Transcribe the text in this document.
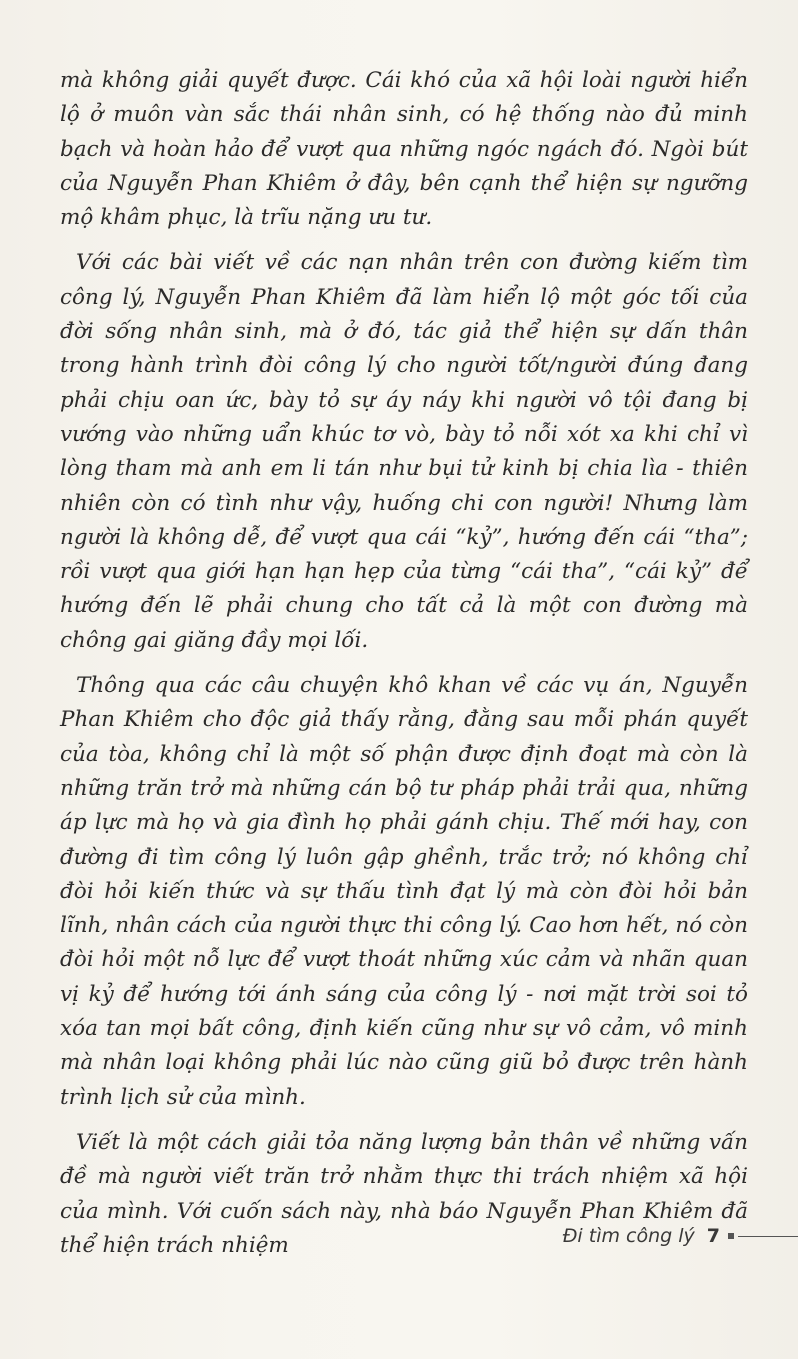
mà không giải quyết được. Cái khó của xã hội loài người hiển lộ ở muôn vàn sắc thái nhân sinh, có hệ thống nào đủ minh bạch và hoàn hảo để vượt qua những ngóc ngách đó. Ngòi bút của Nguyễn Phan Khiêm ở đây, bên cạnh thể hiện sự ngưỡng mộ khâm phục, là trĩu nặng ưu tư.

Với các bài viết về các nạn nhân trên con đường kiếm tìm công lý, Nguyễn Phan Khiêm đã làm hiển lộ một góc tối của đời sống nhân sinh, mà ở đó, tác giả thể hiện sự dấn thân trong hành trình đòi công lý cho người tốt/người đúng đang phải chịu oan ức, bày tỏ sự áy náy khi người vô tội đang bị vướng vào những uẩn khúc tơ vò, bày tỏ nỗi xót xa khi chỉ vì lòng tham mà anh em li tán như bụi tử kinh bị chia lìa - thiên nhiên còn có tình như vậy, huống chi con người! Nhưng làm người là không dễ, để vượt qua cái “kỷ”, hướng đến cái “tha”; rồi vượt qua giới hạn hạn hẹp của từng “cái tha”, “cái kỷ” để hướng đến lẽ phải chung cho tất cả là một con đường mà chông gai giăng đầy mọi lối.

Thông qua các câu chuyện khô khan về các vụ án, Nguyễn Phan Khiêm cho độc giả thấy rằng, đằng sau mỗi phán quyết của tòa, không chỉ là một số phận được định đoạt mà còn là những trăn trở mà những cán bộ tư pháp phải trải qua, những áp lực mà họ và gia đình họ phải gánh chịu. Thế mới hay, con đường đi tìm công lý luôn gập ghềnh, trắc trở; nó không chỉ đòi hỏi kiến thức và sự thấu tình đạt lý mà còn đòi hỏi bản lĩnh, nhân cách của người thực thi công lý. Cao hơn hết, nó còn đòi hỏi một nỗ lực để vượt thoát những xúc cảm và nhãn quan vị kỷ để hướng tới ánh sáng của công lý - nơi mặt trời soi tỏ xóa tan mọi bất công, định kiến cũng như sự vô cảm, vô minh mà nhân loại không phải lúc nào cũng giũ bỏ được trên hành trình lịch sử của mình.

Viết là một cách giải tỏa năng lượng bản thân về những vấn đề mà người viết trăn trở nhằm thực thi trách nhiệm xã hội của mình. Với cuốn sách này, nhà báo Nguyễn Phan Khiêm đã thể hiện trách nhiệm	Đi tìm công lý 7
